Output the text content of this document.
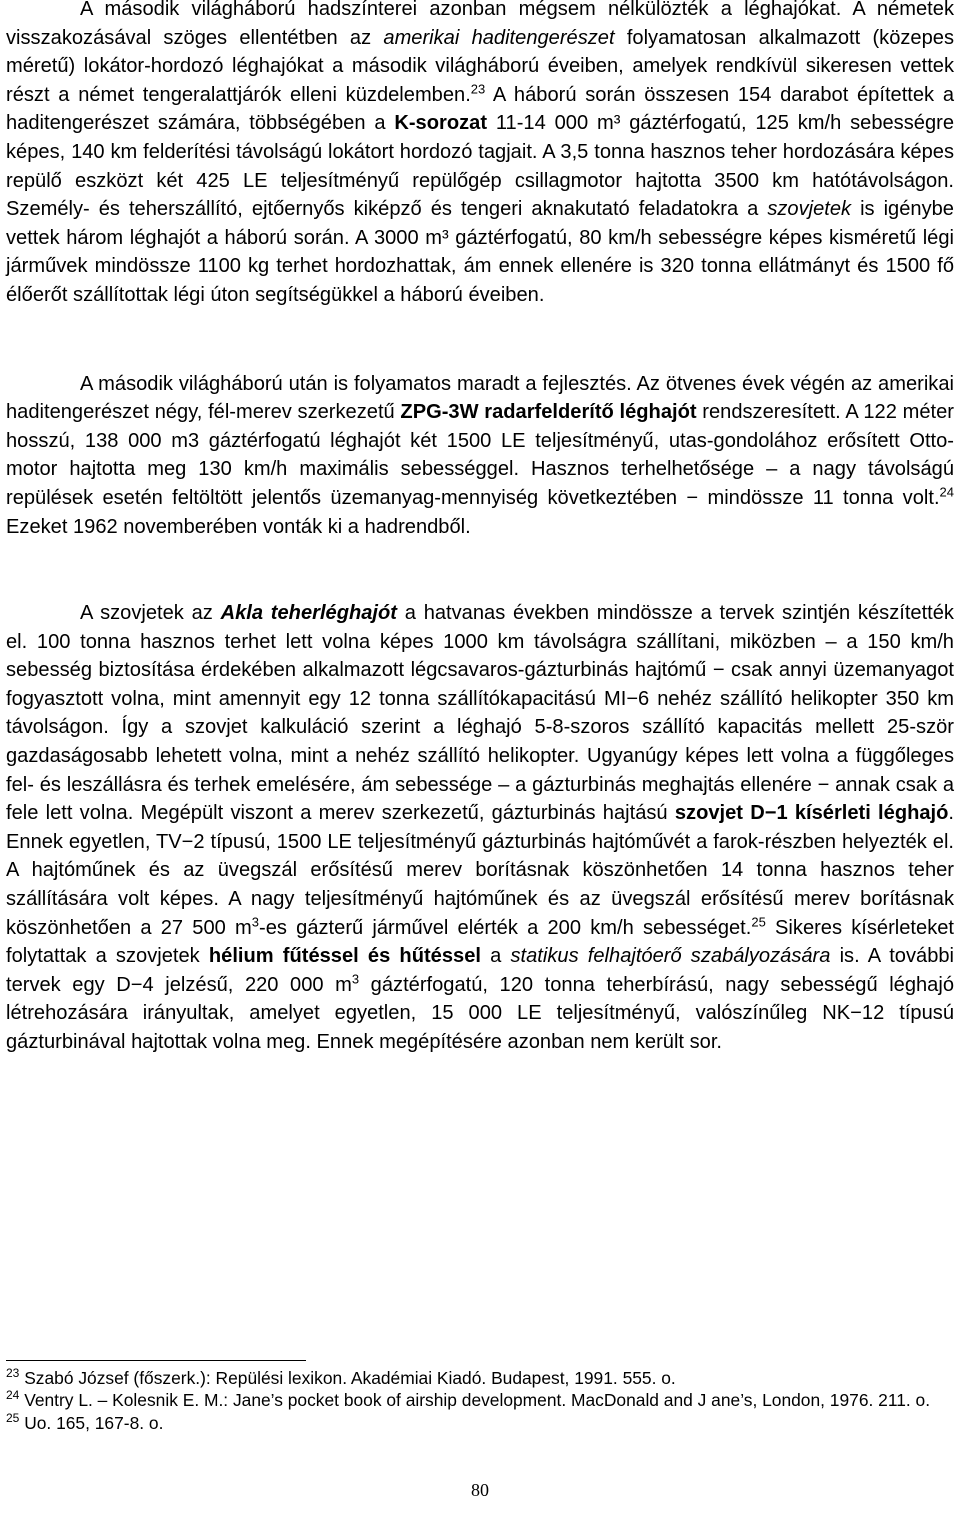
A második világháború hadszínterei azonban mégsem nélkülözték a léghajókat. A németek visszakozásával szöges ellentétben az amerikai haditengerészet folyamatosan alkalmazott (közepes méretű) lokátor-hordozó léghajókat a második világháború éveiben, amelyek rendkívül sikeresen vettek részt a német tengeralattjárók elleni küzdelemben.$^{23}$ A háború során összesen 154 darabot építettek a haditengerészet számára, többségében a K-sorozat 11-14 000 m³ gáztérfogatú, 125 km/h sebességre képes, 140 km felderítési távolságú lokátort hordozó tagjait. A 3,5 tonna hasznos teher hordozására képes repülő eszközt két 425 LE teljesítményű repülőgép csillagmotor hajtotta 3500 km hatótávolságon. Személy- és teherszállító, ejtőernyős kiképző és tengeri aknakutató feladatokra a szovjetek is igénybe vettek három léghajót a háború során. A 3000 m³ gáztérfogatú, 80 km/h sebességre képes kisméretű légi járművek mindössze 1100 kg terhet hordozhattak, ám ennek ellenére is 320 tonna ellátmányt és 1500 fő élőerőt szállítottak légi úton segítségükkel a háború éveiben.

A második világháború után is folyamatos maradt a fejlesztés. Az ötvenes évek végén az amerikai haditengerészet négy, fél-merev szerkezetű ZPG-3W radarfelderítő léghajót rendszeresített. A 122 méter hosszú, 138 000 m3 gáztérfogatú léghajót két 1500 LE teljesítményű, utas-gondolához erősített Otto-motor hajtotta meg 130 km/h maximális sebességgel. Hasznos terhelhetősége – a nagy távolságú repülések esetén feltöltött jelentős üzemanyag-mennyiség következtében − mindössze 11 tonna volt.$^{24}$ Ezeket 1962 novemberében vonták ki a hadrendből.

A szovjetek az Akla teherléghajót a hatvanas években mindössze a tervek szintjén készítették el. 100 tonna hasznos terhet lett volna képes 1000 km távolságra szállítani, miközben – a 150 km/h sebesség biztosítása érdekében alkalmazott légcsavaros-gázturbinás hajtómű − csak annyi üzemanyagot fogyasztott volna, mint amennyit egy 12 tonna szállítókapacitású MI−6 nehéz szállító helikopter 350 km távolságon. Így a szovjet kalkuláció szerint a léghajó 5-8-szoros szállító kapacitás mellett 25-ször gazdaságosabb lehetett volna, mint a nehéz szállító helikopter. Ugyanúgy képes lett volna a függőleges fel- és leszállásra és terhek emelésére, ám sebessége – a gázturbinás meghajtás ellenére − annak csak a fele lett volna. Megépült viszont a merev szerkezetű, gázturbinás hajtású szovjet D−1 kísérleti léghajó. Ennek egyetlen, TV−2 típusú, 1500 LE teljesítményű gázturbinás hajtóművét a farok-részben helyezték el. A hajtóműnek és az üvegszál erősítésű merev borításnak köszönhetően 14 tonna hasznos teher szállítására volt képes. A nagy teljesítményű hajtóműnek és az üvegszál erősítésű merev borításnak köszönhetően a 27 500 $m^3-es$ gázterű járművel elérték a 200 km/h sebességet.$^{25}$ Sikeres kísérleteket folytattak a szovjetek hélium fűtéssel és hűtéssel a statikus felhajtóerő szabályozására is. A további tervek egy D−4 jelzésű, 220 000 $m^3$ gáztérfogatú, 120 tonna teherbírású, nagy sebességű léghajó létrehozására irányultak, amelyet egyetlen, 15 000 LE teljesítményű, valószínűleg NK−12 típusú gázturbinával hajtottak volna meg. Ennek megépítésére azonban nem került sor.

$^{23}$ Szabó József (főszerk.): Repülési lexikon. Akadémiai Kiadó. Budapest, 1991. 555. o.

$^{24}$ Ventry L. – Kolesnik E. M.: Jane’s pocket book of airship development. MacDonald and J ane’s, London, 1976. 211. o.

$^{25}$ Uo. 165, 167-8. o.

80
